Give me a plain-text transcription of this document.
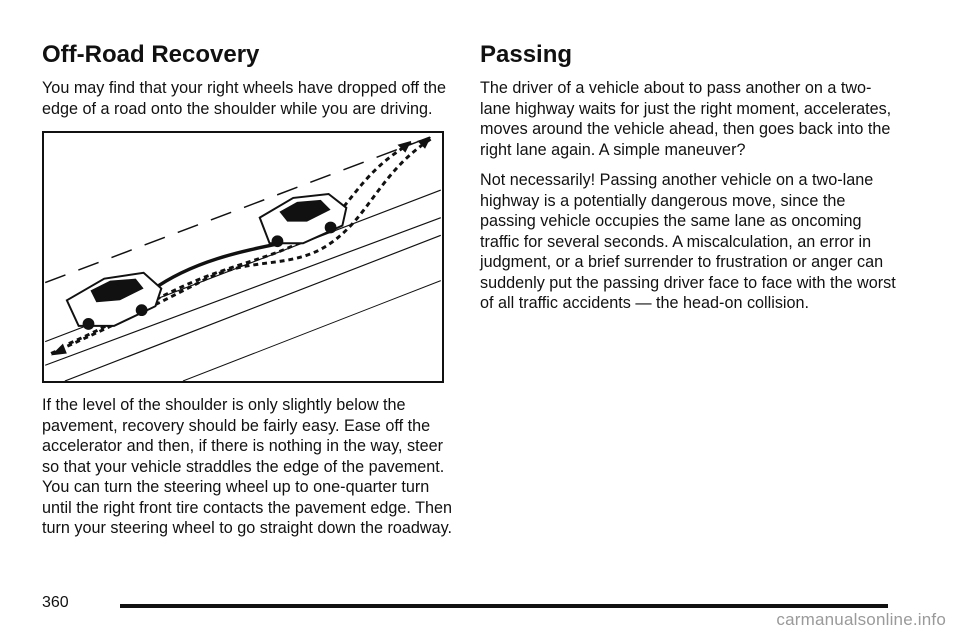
Off-Road Recovery

You may find that your right wheels have dropped off the edge of a road onto the shoulder while you are driving.

If the level of the shoulder is only slightly below the pavement, recovery should be fairly easy. Ease off the accelerator and then, if there is nothing in the way, steer so that your vehicle straddles the edge of the pavement. You can turn the steering wheel up to one-quarter turn until the right front tire contacts the pavement edge. Then turn your steering wheel to go straight down the roadway.

Passing

The driver of a vehicle about to pass another on a two-lane highway waits for just the right moment, accelerates, moves around the vehicle ahead, then goes back into the right lane again. A simple maneuver?

Not necessarily! Passing another vehicle on a two-lane highway is a potentially dangerous move, since the passing vehicle occupies the same lane as oncoming traffic for several seconds. A miscalculation, an error in judgment, or a brief surrender to frustration or anger can suddenly put the passing driver face to face with the worst of all traffic accidents — the head-on collision.

360
carmanualsonline.info
